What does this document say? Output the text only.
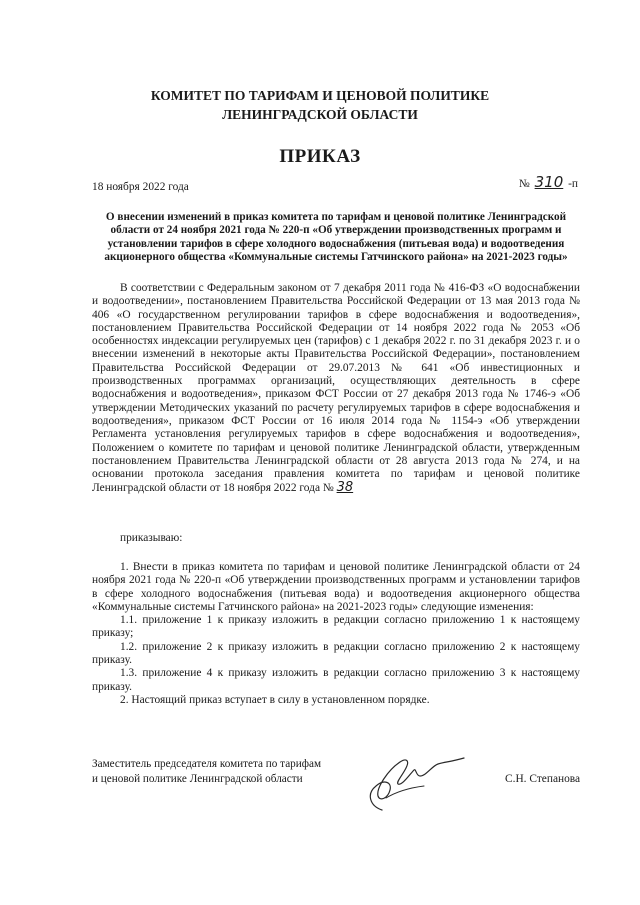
КОМИТЕТ ПО ТАРИФАМ И ЦЕНОВОЙ ПОЛИТИКЕ
ЛЕНИНГРАДСКОЙ ОБЛАСТИ
ПРИКАЗ
18 ноября 2022 года	№ 310 -п
О внесении изменений в приказ комитета по тарифам и ценовой политике Ленинградской области от 24 ноября 2021 года № 220-п «Об утверждении производственных программ и установлении тарифов в сфере холодного водоснабжения (питьевая вода) и водоотведения акционерного общества «Коммунальные системы Гатчинского района» на 2021-2023 годы»

В соответствии с Федеральным законом от 7 декабря 2011 года № 416-ФЗ «О водоснабжении и водоотведении», постановлением Правительства Российской Федерации от 13 мая 2013 года № 406 «О государственном регулировании тарифов в сфере водоснабжения и водоотведения», постановлением Правительства Российской Федерации от 14 ноября 2022 года № 2053 «Об особенностях индексации регулируемых цен (тарифов) с 1 декабря 2022 г. по 31 декабря 2023 г. и о внесении изменений в некоторые акты Правительства Российской Федерации», постановлением Правительства Российской Федерации от 29.07.2013 № 641 «Об инвестиционных и производственных программах организаций, осуществляющих деятельность в сфере водоснабжения и водоотведения», приказом ФСТ России от 27 декабря 2013 года № 1746-э «Об утверждении Методических указаний по расчету регулируемых тарифов в сфере водоснабжения и водоотведения», приказом ФСТ России от 16 июля 2014 года № 1154-э «Об утверждении Регламента установления регулируемых тарифов в сфере водоснабжения и водоотведения», Положением о комитете по тарифам и ценовой политике Ленинградской области, утвержденным постановлением Правительства Ленинградской области от 28 августа 2013 года № 274, и на основании протокола заседания правления комитета по тарифам и ценовой политике Ленинградской области от 18 ноября 2022 года № 38

приказываю:

1. Внести в приказ комитета по тарифам и ценовой политике Ленинградской области от 24 ноября 2021 года № 220-п «Об утверждении производственных программ и установлении тарифов в сфере холодного водоснабжения (питьевая вода) и водоотведения акционерного общества «Коммунальные системы Гатчинского района» на 2021-2023 годы» следующие изменения:

1.1. приложение 1 к приказу изложить в редакции согласно приложению 1 к настоящему приказу;

1.2. приложение 2 к приказу изложить в редакции согласно приложению 2 к настоящему приказу.

1.3. приложение 4 к приказу изложить в редакции согласно приложению 3 к настоящему приказу.

2. Настоящий приказ вступает в силу в установленном порядке.

Заместитель председателя комитета по тарифам
и ценовой политике Ленинградской области	С.Н. Степанова
